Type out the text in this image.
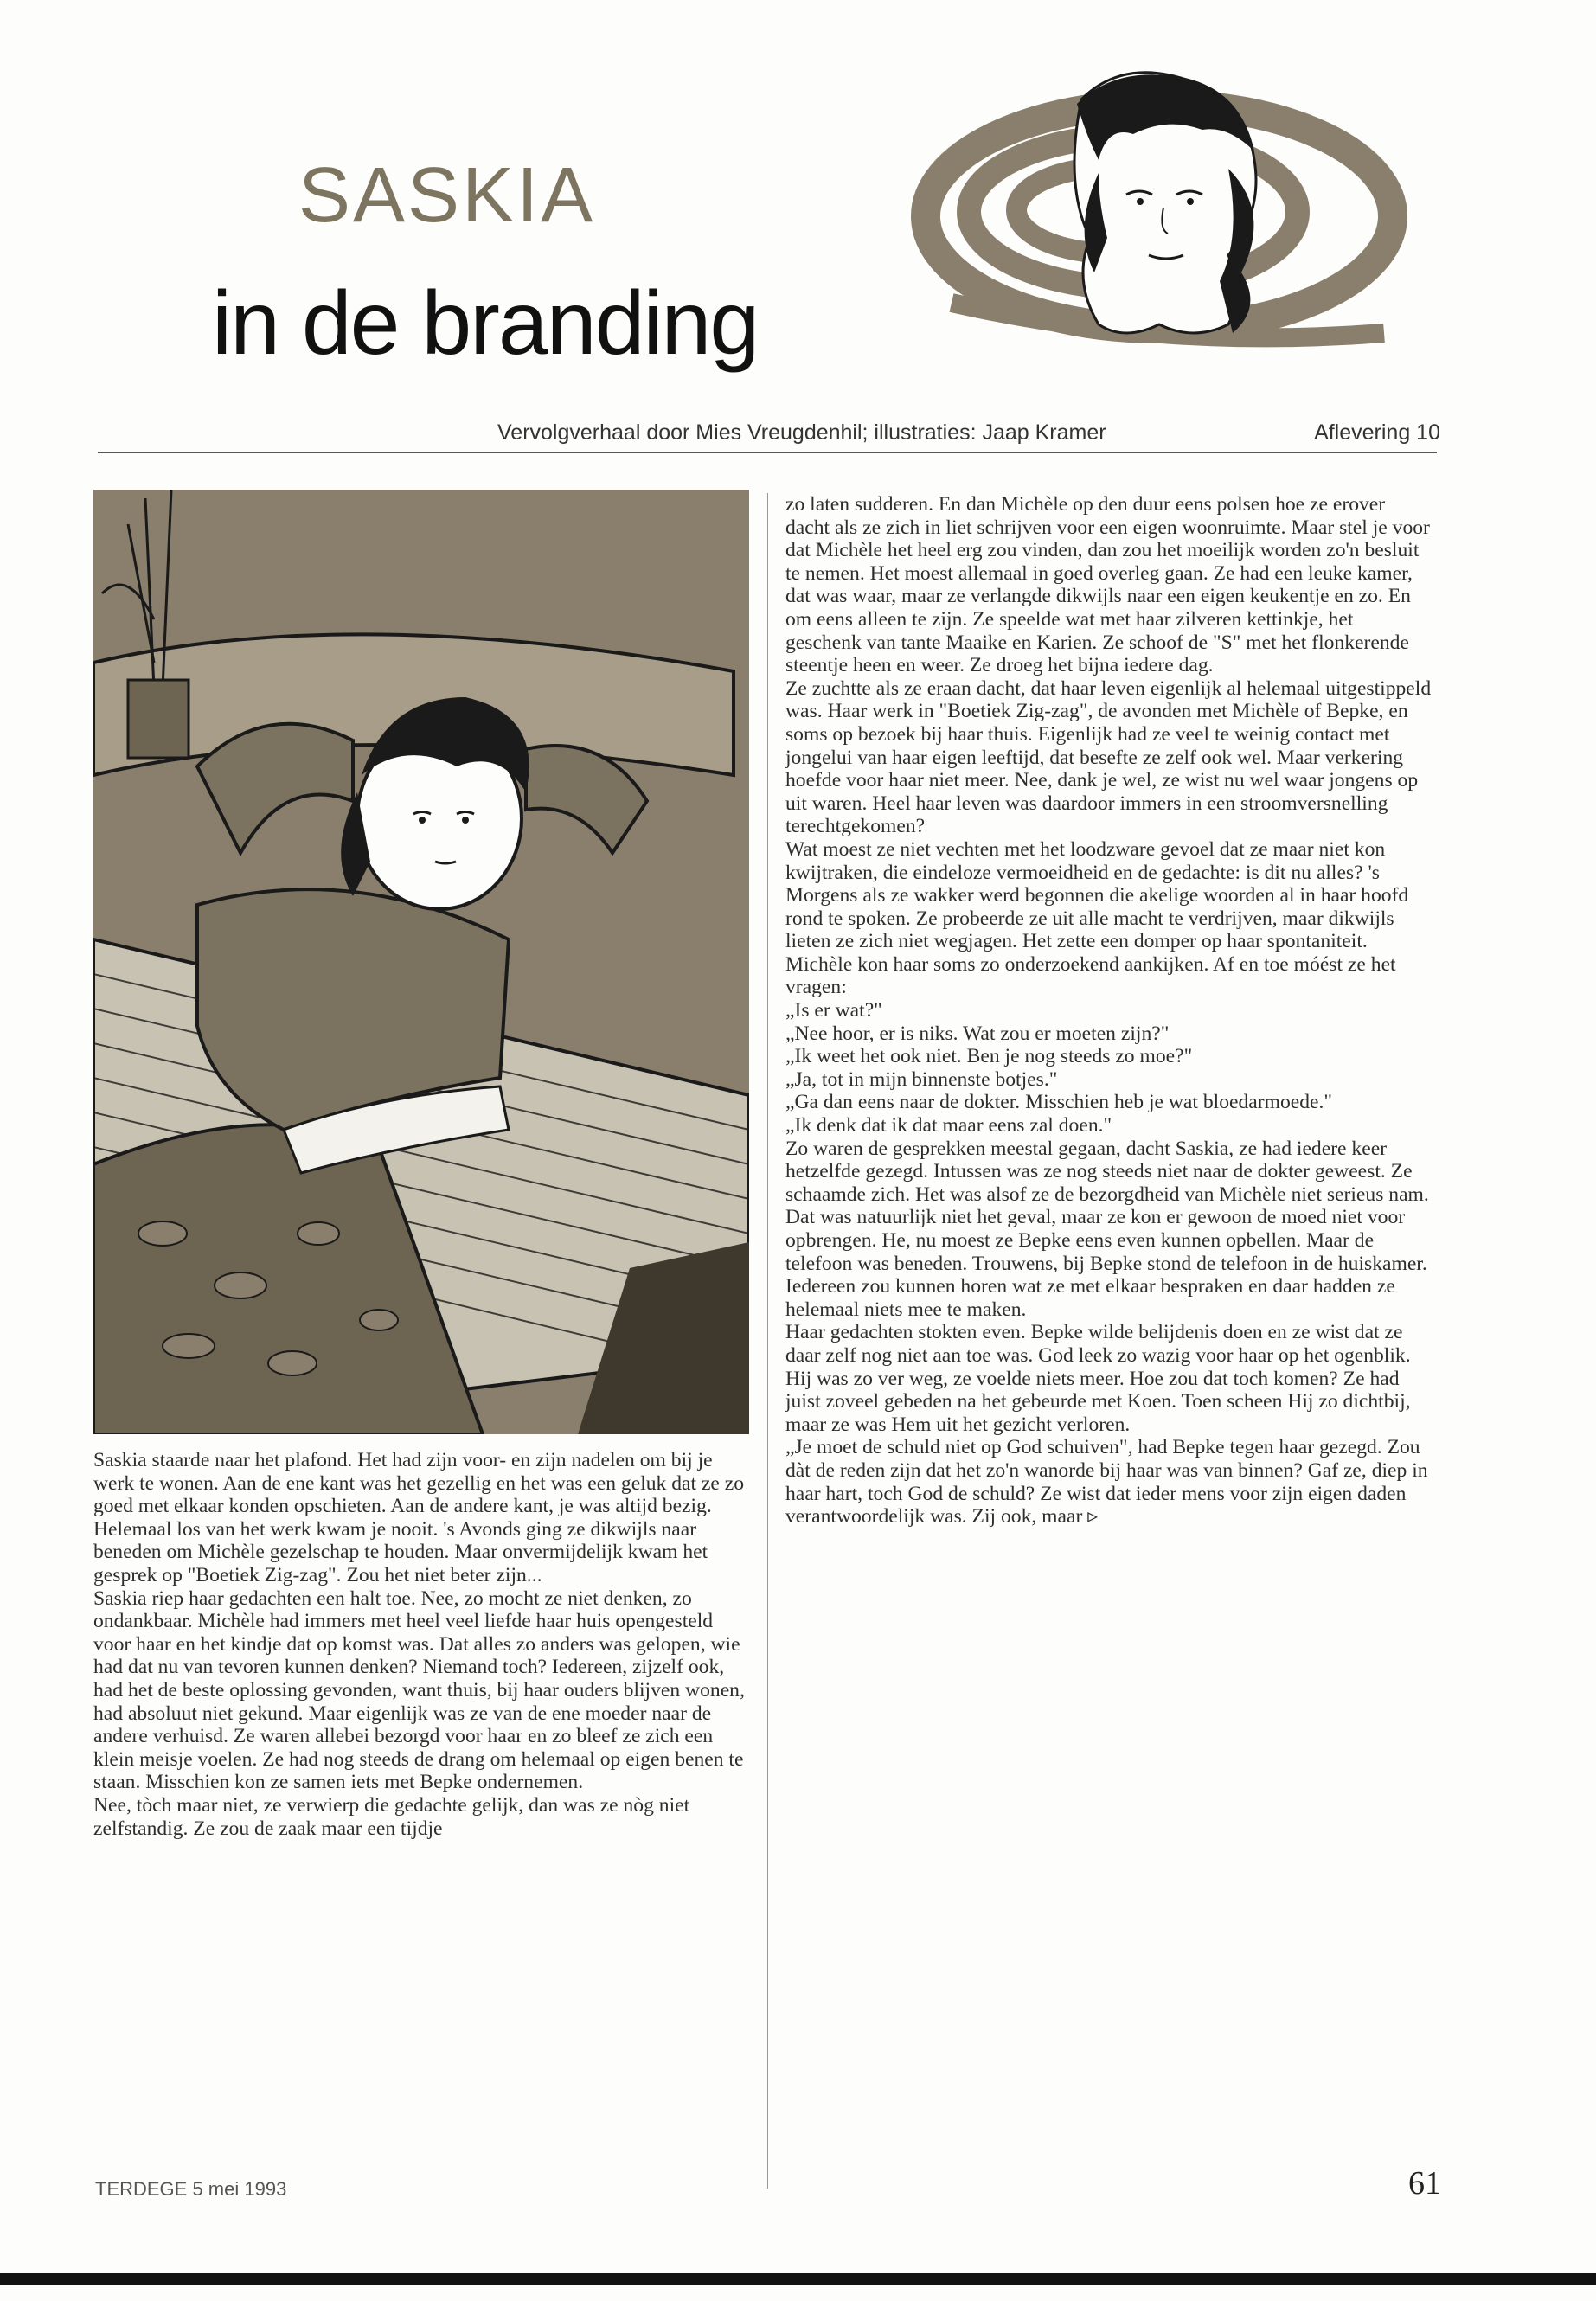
SASKIA
in de branding
Vervolgverhaal door Mies Vreugdenhil; illustraties: Jaap Kramer	Aflevering 10

Saskia staarde naar het plafond. Het had zijn voor- en zijn nadelen om bij je werk te wonen. Aan de ene kant was het gezellig en het was een geluk dat ze zo goed met elkaar konden opschieten. Aan de andere kant, je was altijd bezig. Helemaal los van het werk kwam je nooit. 's Avonds ging ze dikwijls naar beneden om Michèle gezelschap te houden. Maar onvermijdelijk kwam het gesprek op "Boetiek Zig-zag". Zou het niet beter zijn...

Saskia riep haar gedachten een halt toe. Nee, zo mocht ze niet denken, zo ondankbaar. Michèle had immers met heel veel liefde haar huis opengesteld voor haar en het kindje dat op komst was. Dat alles zo anders was gelopen, wie had dat nu van tevoren kunnen denken? Niemand toch? Iedereen, zijzelf ook, had het de beste oplossing gevonden, want thuis, bij haar ouders blijven wonen, had absoluut niet gekund. Maar eigenlijk was ze van de ene moeder naar de andere verhuisd. Ze waren allebei bezorgd voor haar en zo bleef ze zich een klein meisje voelen. Ze had nog steeds de drang om helemaal op eigen benen te staan. Misschien kon ze samen iets met Bepke ondernemen.

Nee, tòch maar niet, ze verwierp die gedachte gelijk, dan was ze nòg niet zelfstandig. Ze zou de zaak maar een tijdje

zo laten sudderen. En dan Michèle op den duur eens polsen hoe ze erover dacht als ze zich in liet schrijven voor een eigen woonruimte. Maar stel je voor dat Michèle het heel erg zou vinden, dan zou het moeilijk worden zo'n besluit te nemen. Het moest allemaal in goed overleg gaan. Ze had een leuke kamer, dat was waar, maar ze verlangde dikwijls naar een eigen keukentje en zo. En om eens alleen te zijn. Ze speelde wat met haar zilveren kettinkje, het geschenk van tante Maaike en Karien. Ze schoof de "S" met het flonkerende steentje heen en weer. Ze droeg het bijna iedere dag.

Ze zuchtte als ze eraan dacht, dat haar leven eigenlijk al helemaal uitgestippeld was. Haar werk in "Boetiek Zig-zag", de avonden met Michèle of Bepke, en soms op bezoek bij haar thuis. Eigenlijk had ze veel te weinig contact met jongelui van haar eigen leeftijd, dat besefte ze zelf ook wel. Maar verkering hoefde voor haar niet meer. Nee, dank je wel, ze wist nu wel waar jongens op uit waren. Heel haar leven was daardoor immers in een stroomversnelling terechtgekomen?

Wat moest ze niet vechten met het loodzware gevoel dat ze maar niet kon kwijtraken, die eindeloze vermoeidheid en de gedachte: is dit nu alles? 's Morgens als ze wakker werd begonnen die akelige woorden al in haar hoofd rond te spoken. Ze probeerde ze uit alle macht te verdrijven, maar dikwijls lieten ze zich niet wegjagen. Het zette een domper op haar spontaniteit. Michèle kon haar soms zo onderzoekend aankijken. Af en toe móést ze het vragen:

„Is er wat?"

„Nee hoor, er is niks. Wat zou er moeten zijn?"

„Ik weet het ook niet. Ben je nog steeds zo moe?"

„Ja, tot in mijn binnenste botjes."

„Ga dan eens naar de dokter. Misschien heb je wat bloedarmoede."

„Ik denk dat ik dat maar eens zal doen."

Zo waren de gesprekken meestal gegaan, dacht Saskia, ze had iedere keer hetzelfde gezegd. Intussen was ze nog steeds niet naar de dokter geweest. Ze schaamde zich. Het was alsof ze de bezorgdheid van Michèle niet serieus nam. Dat was natuurlijk niet het geval, maar ze kon er gewoon de moed niet voor opbrengen. He, nu moest ze Bepke eens even kunnen opbellen. Maar de telefoon was beneden. Trouwens, bij Bepke stond de telefoon in de huiskamer. Iedereen zou kunnen horen wat ze met elkaar bespraken en daar hadden ze helemaal niets mee te maken.

Haar gedachten stokten even. Bepke wilde belijdenis doen en ze wist dat ze daar zelf nog niet aan toe was. God leek zo wazig voor haar op het ogenblik. Hij was zo ver weg, ze voelde niets meer. Hoe zou dat toch komen? Ze had juist zoveel gebeden na het gebeurde met Koen. Toen scheen Hij zo dichtbij, maar ze was Hem uit het gezicht verloren.

„Je moet de schuld niet op God schuiven", had Bepke tegen haar gezegd. Zou dàt de reden zijn dat het zo'n wanorde bij haar was van binnen? Gaf ze, diep in haar hart, toch God de schuld? Ze wist dat ieder mens voor zijn eigen daden verantwoordelijk was. Zij ook, maar ▹

TERDEGE 5 mei 1993	61
